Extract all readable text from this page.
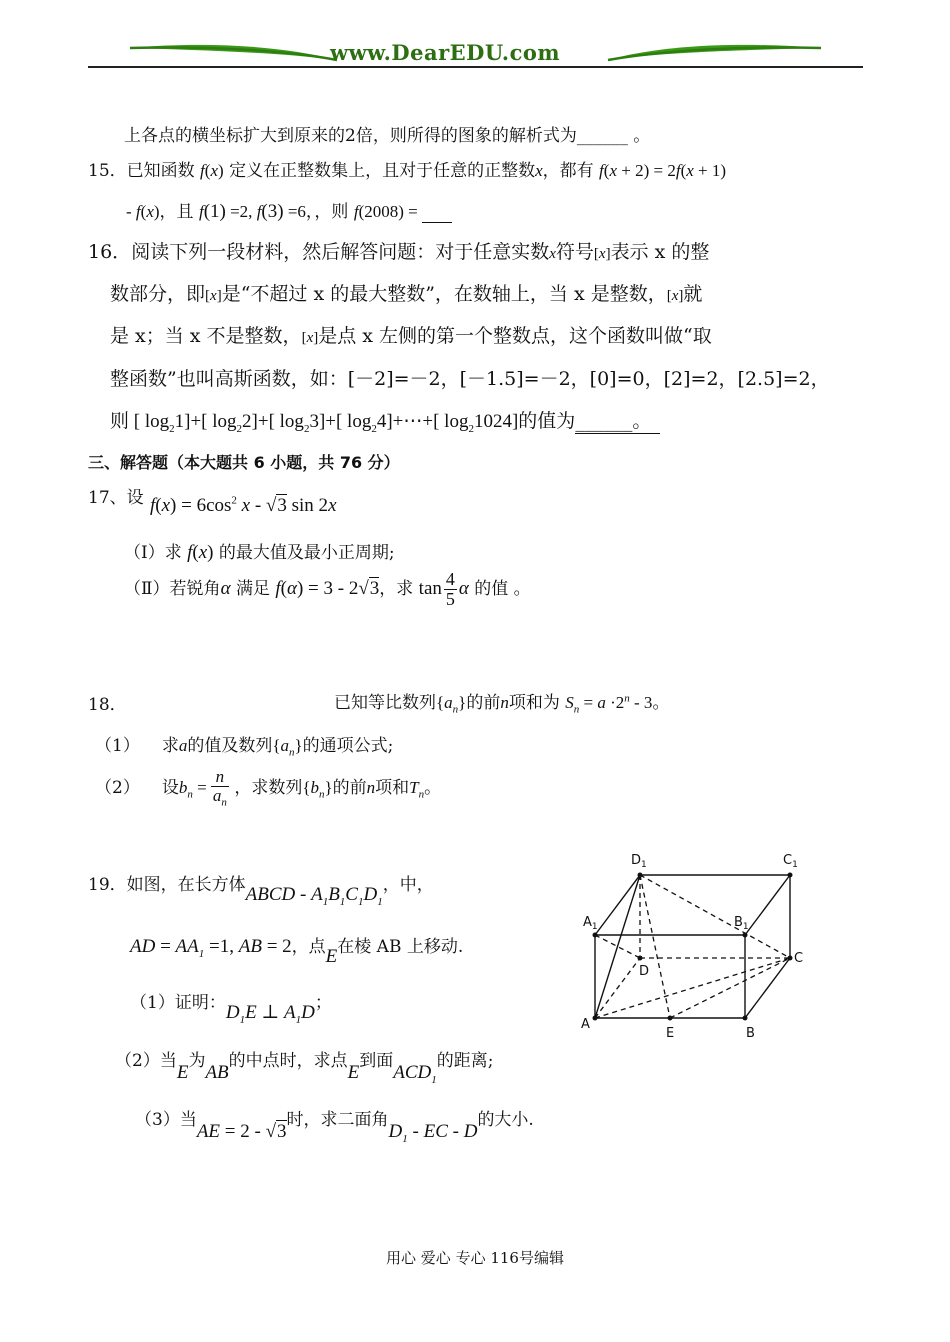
www.DearEDU.com
上各点的横坐标扩大到原来的2倍，则所得的图象的解析式为______ 。
15．已知函数 f(x) 定义在正整数集上，且对于任意的正整数x，都有 f(x + 2) = 2f(x + 1)
- f(x)，且 f(1) =2, f(3) =6，，则 f(2008) =
16．阅读下列一段材料，然后解答问题：对于任意实数x符号[x]表示 x 的整
数部分，即[x]是“不超过 x 的最大整数”，在数轴上，当 x 是整数，[x]就
是 x；当 x 不是整数，[x]是点 x 左侧的第一个整数点，这个函数叫做“取
整函数”也叫高斯函数，如：[－2]=－2，[－1.5]=－2，[0]=0，[2]=2，[2.5]=2，
则 [ $\log_21]+$[ $\log_22]+$[ $\log_23]+$[ $\log_24]+\cdots+$[ $\log_21024$]的值为______。
三、解答题（本大题共 6 小题，共 76 分）
17、设 $f(x) = 6\cos^2$ x - √3 sin 2x
（Ⅰ）求 f(x) 的最大值及最小正周期;
（Ⅱ）若锐角α 满足 f(α) = 3 - 2√3，求 $\tan \frac{4}{5}$ α 的值 。
18．	已知等比数列$\{a_n\}$的前n项和为 $S_n = a \cdot 2^n - 3$。
（1） 求a的值及数列$\{a_n\}$的通项公式;
（2） 设$b_n = \frac{n}{a_n}$ ，求数列$\{b_n\}$的前n项和$T_n$。
19．如图，在长方体ABCD - $A_1B_1C_1D_1$，中，
AD = $AA_1 =1$, AB = 2，点E在棱 AB 上移动.
（1）证明：$D_1E$ ⊥ $A_1D$；
（2）当E为AB的中点时，求点E到面$ACD_1$的距离;
（3）当AE = 2 - √3时，求二面角$D_1$ - EC - D的大小.
$D_1$	$C_1$
$A_1$	$B_1$
D
C
A
E	B
用心 爱心 专心 116号编辑
